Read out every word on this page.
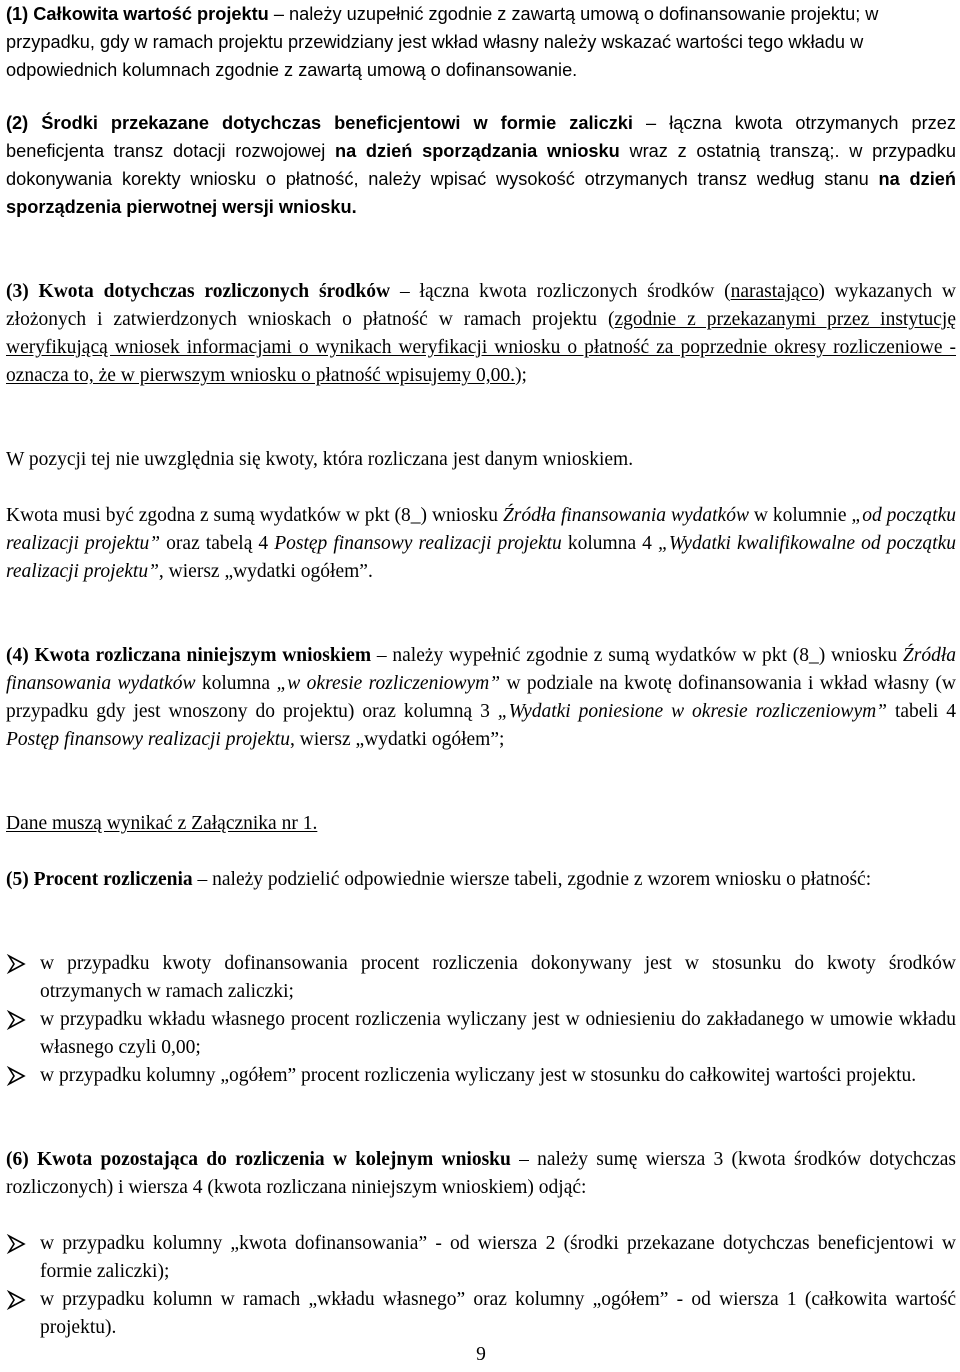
(1) Całkowita wartość projektu – należy uzupełnić zgodnie z zawartą umową o dofinansowanie projektu; w przypadku, gdy w ramach projektu przewidziany jest wkład własny należy wskazać wartości tego wkładu w odpowiednich kolumnach zgodnie z zawartą umową o dofinansowanie.
(2) Środki przekazane dotychczas beneficjentowi w formie zaliczki – łączna kwota otrzymanych przez beneficjenta transz dotacji rozwojowej na dzień sporządzania wniosku wraz z ostatnią transzą;. w przypadku dokonywania korekty wniosku o płatność, należy wpisać wysokość otrzymanych transz według stanu na dzień sporządzenia pierwotnej wersji wniosku.
(3) Kwota dotychczas rozliczonych środków – łączna kwota rozliczonych środków (narastająco) wykazanych w złożonych i zatwierdzonych wnioskach o płatność w ramach projektu (zgodnie z przekazanymi przez instytucję weryfikującą wniosek informacjami o wynikach weryfikacji wniosku o płatność za poprzednie okresy rozliczeniowe - oznacza to, że w pierwszym wniosku o płatność wpisujemy 0,00.);
W pozycji tej nie uwzględnia się kwoty, która rozliczana jest danym wnioskiem.
Kwota musi być zgodna z sumą wydatków w pkt (8_) wniosku Źródła finansowania wydatków w kolumnie „od początku realizacji projektu” oraz tabelą 4 Postęp finansowy realizacji projektu kolumna 4 „Wydatki kwalifikowalne od początku realizacji projektu”, wiersz „wydatki ogółem”.
(4) Kwota rozliczana niniejszym wnioskiem – należy wypełnić zgodnie z sumą wydatków w pkt (8_) wniosku Źródła finansowania wydatków kolumna „w okresie rozliczeniowym” w podziale na kwotę dofinansowania i wkład własny (w przypadku gdy jest wnoszony do projektu) oraz kolumną 3 „Wydatki poniesione w okresie rozliczeniowym” tabeli 4 Postęp finansowy realizacji projektu, wiersz „wydatki ogółem”;
Dane muszą wynikać z Załącznika nr 1.
(5) Procent rozliczenia – należy podzielić odpowiednie wiersze tabeli, zgodnie z wzorem wniosku o płatność:
w przypadku kwoty dofinansowania procent rozliczenia dokonywany jest w stosunku do kwoty środków otrzymanych w ramach zaliczki;
w przypadku wkładu własnego procent rozliczenia wyliczany jest w odniesieniu do zakładanego w umowie wkładu własnego czyli 0,00;
w przypadku kolumny „ogółem” procent rozliczenia wyliczany jest w stosunku do całkowitej wartości projektu.
(6) Kwota pozostająca do rozliczenia w kolejnym wniosku – należy sumę wiersza 3 (kwota środków dotychczas rozliczonych) i wiersza 4 (kwota rozliczana niniejszym wnioskiem) odjąć:
w przypadku kolumny „kwota dofinansowania” - od wiersza 2 (środki przekazane dotychczas beneficjentowi w formie zaliczki);
w przypadku kolumn w ramach „wkładu własnego” oraz kolumny „ogółem” - od wiersza 1 (całkowita wartość projektu).
9
